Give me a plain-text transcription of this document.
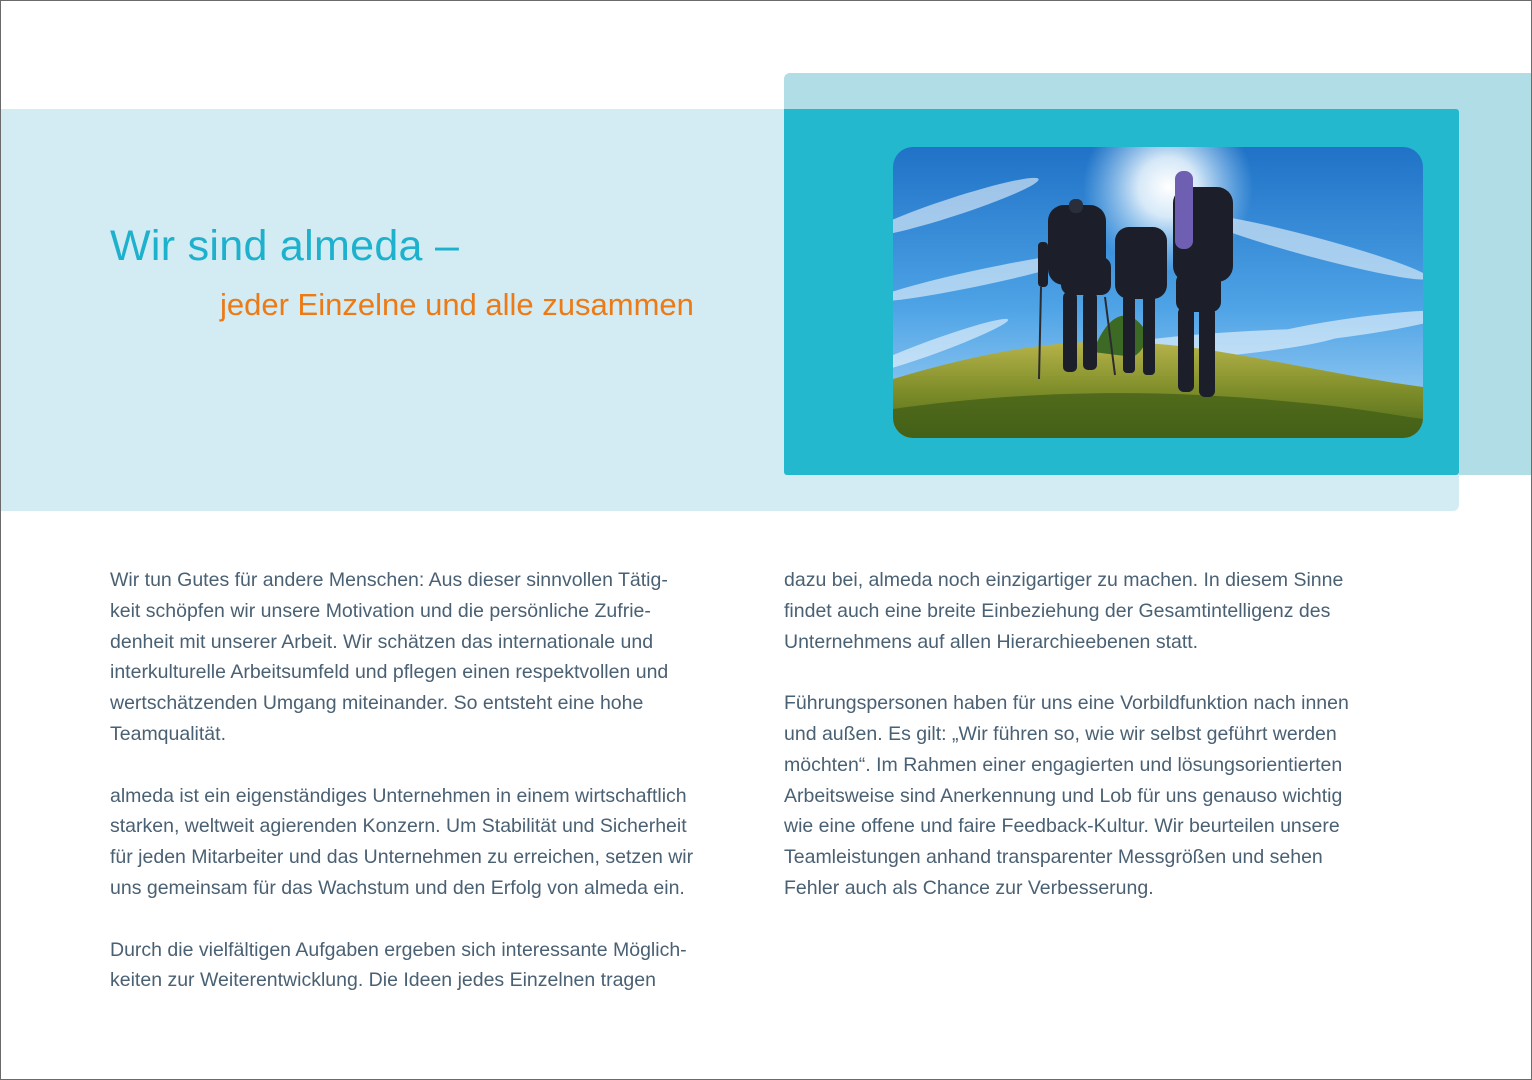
Wir sind almeda –
jeder Einzelne und alle zusammen

Wir tun Gutes für andere Menschen: Aus dieser sinnvollen Tätig-
keit schöpfen wir unsere Motivation und die persönliche Zufrie-
denheit mit unserer Arbeit. Wir schätzen das internationale und
interkulturelle Arbeitsumfeld und pflegen einen respektvollen und
wertschätzenden Umgang miteinander. So entsteht eine hohe
Teamqualität.

almeda ist ein eigenständiges Unternehmen in einem wirtschaftlich
starken, weltweit agierenden Konzern. Um Stabilität und Sicherheit
für jeden Mitarbeiter und das Unternehmen zu erreichen, setzen wir
uns gemeinsam für das Wachstum und den Erfolg von almeda ein.

Durch die vielfältigen Aufgaben ergeben sich interessante Möglich-
keiten zur Weiterentwicklung. Die Ideen jedes Einzelnen tragen

dazu bei, almeda noch einzigartiger zu machen. In diesem Sinne
findet auch eine breite Einbeziehung der Gesamtintelligenz des
Unternehmens auf allen Hierarchieebenen statt.

Führungspersonen haben für uns eine Vorbildfunktion nach innen
und außen. Es gilt: „Wir führen so, wie wir selbst geführt werden
möchten“. Im Rahmen einer engagierten und lösungsorientierten
Arbeitsweise sind Anerkennung und Lob für uns genauso wichtig
wie eine offene und faire Feedback-Kultur. Wir beurteilen unsere
Teamleistungen anhand transparenter Messgrößen und sehen
Fehler auch als Chance zur Verbesserung.
